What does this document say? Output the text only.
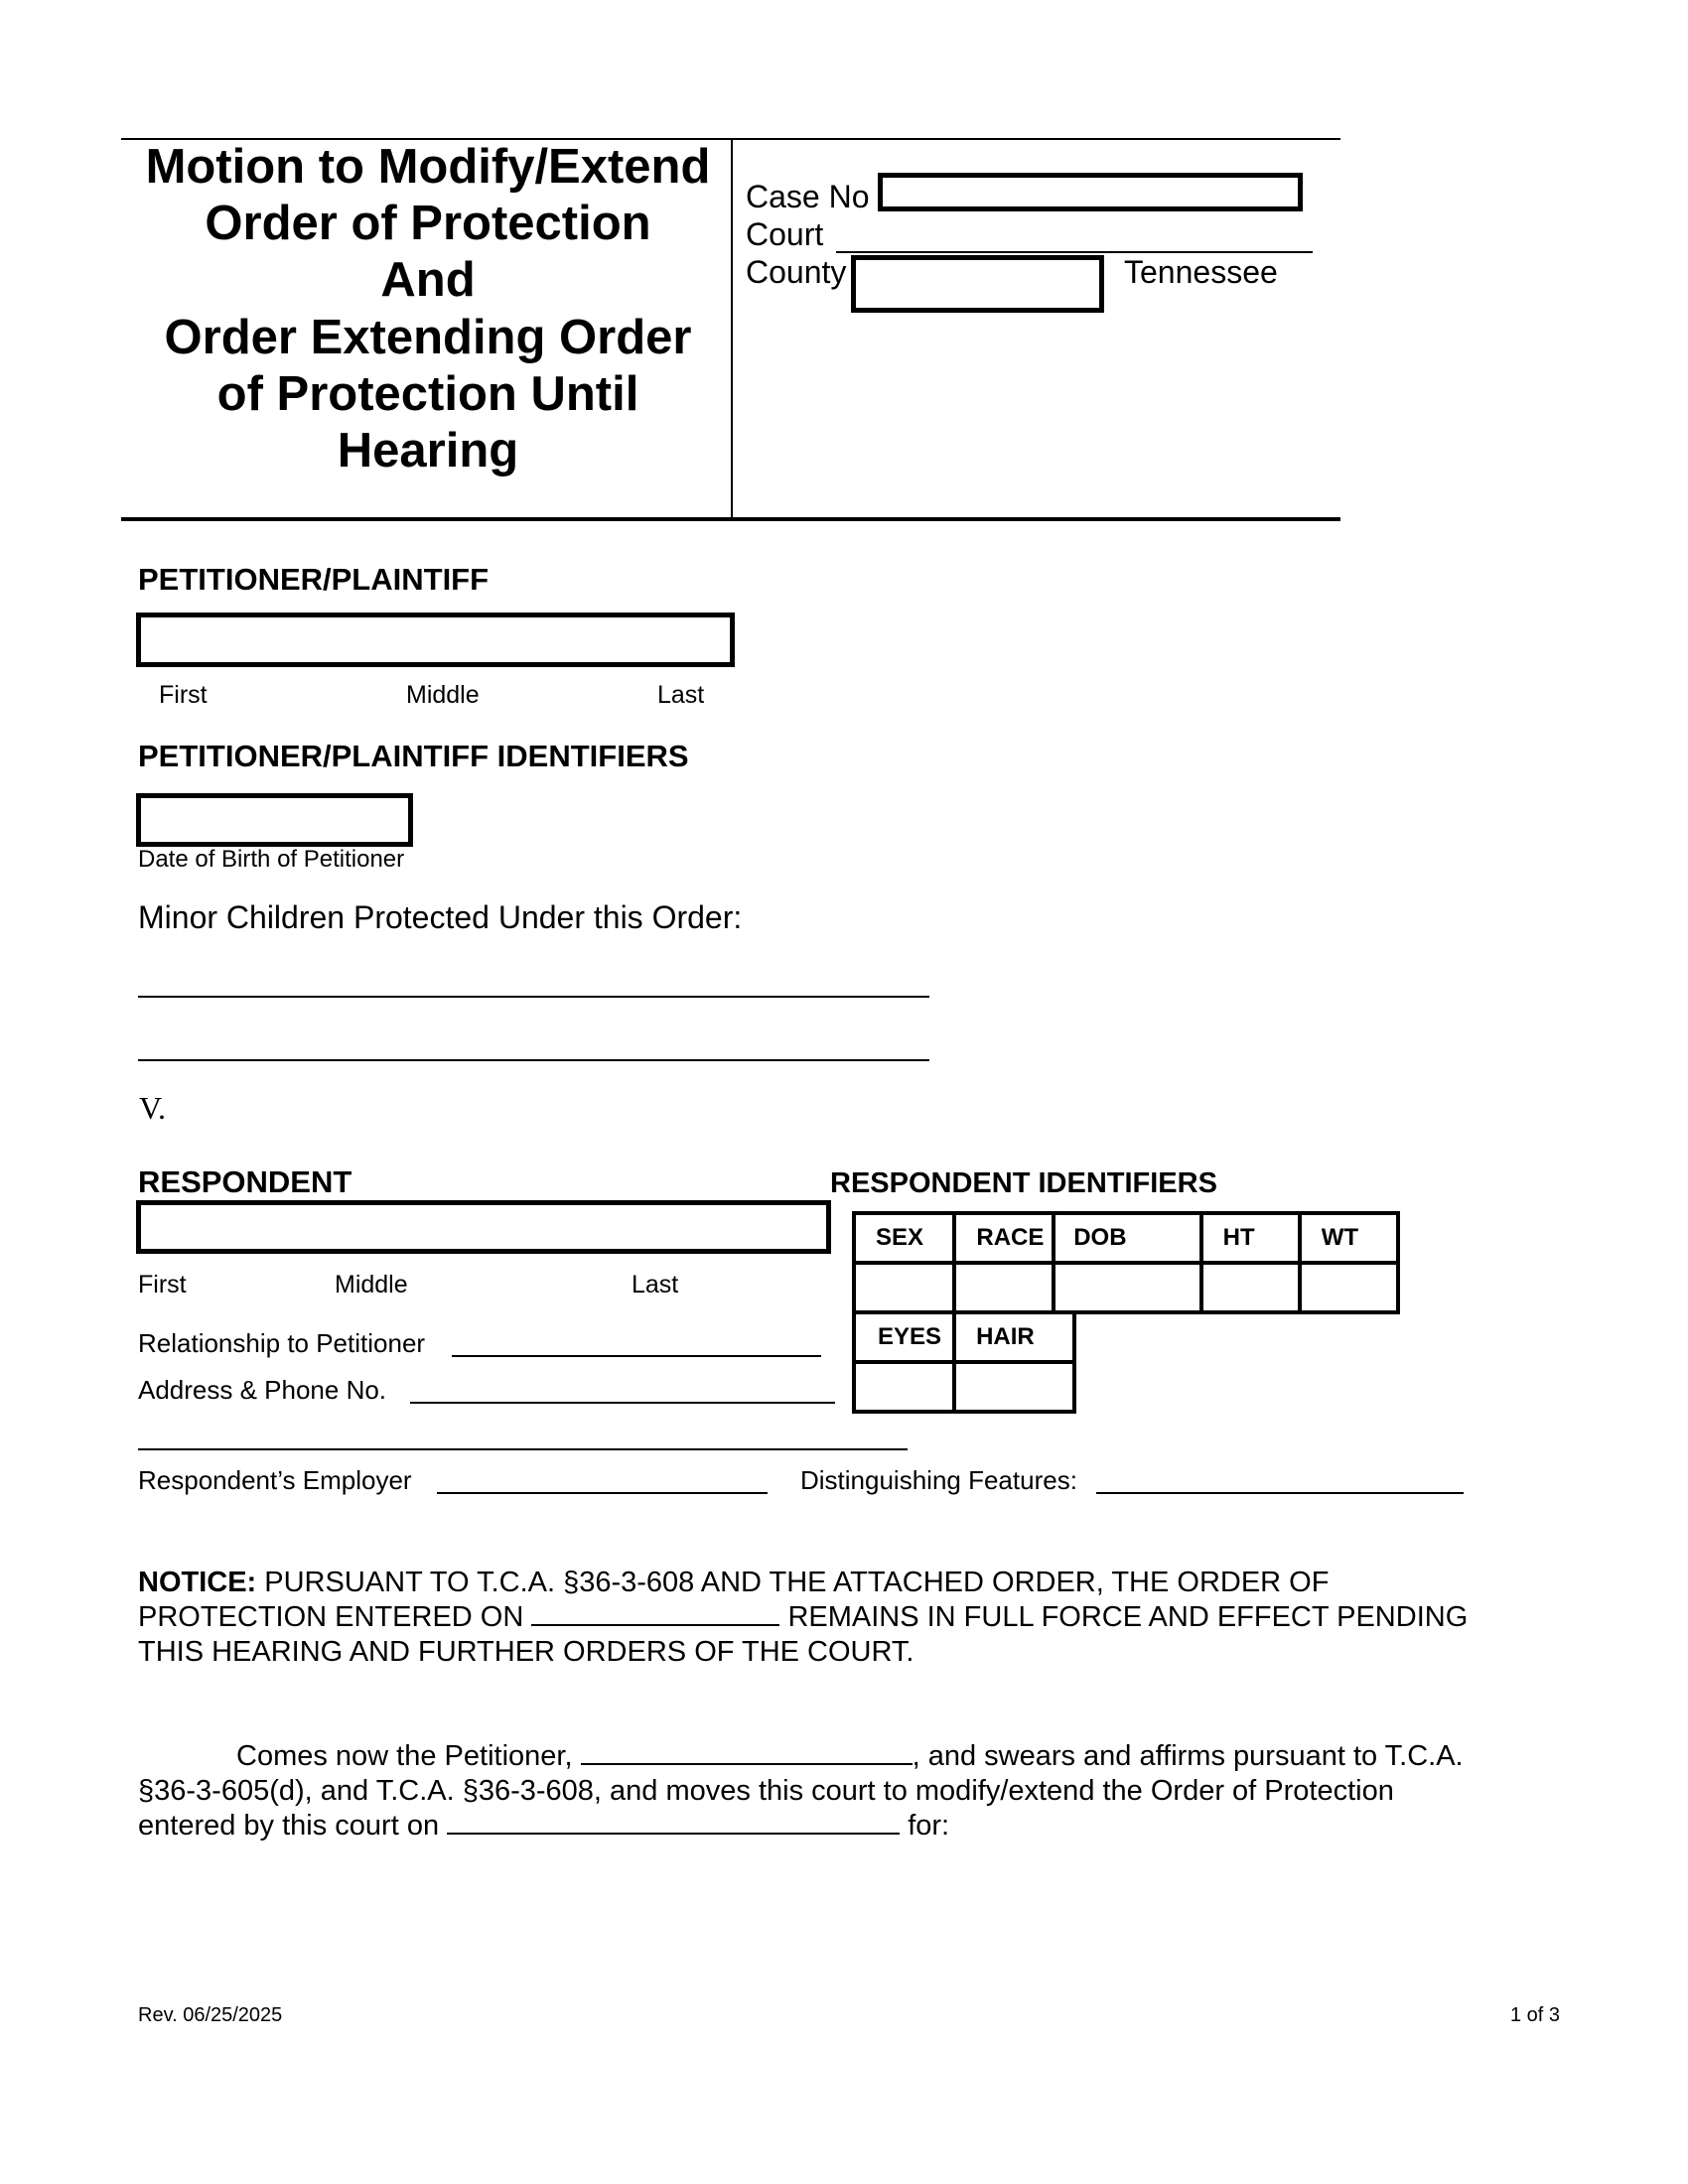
Motion to Modify/Extend
Order of Protection
And
Order Extending Order
of Protection Until
Hearing
Case No
Court
County	Tennessee
PETITIONER/PLAINTIFF
First	Middle	Last
PETITIONER/PLAINTIFF IDENTIFIERS
Date of Birth of Petitioner
Minor Children Protected Under this Order:
V.
RESPONDENT
First	Middle	Last
Relationship to Petitioner
Address & Phone No.
Respondent’s Employer	Distinguishing Features:
RESPONDENT IDENTIFIERS
SEX	RACE	DOB	HT	WT

EYES	HAIR

NOTICE: PURSUANT TO T.C.A. §36-3-608 AND THE ATTACHED ORDER, THE ORDER OF
PROTECTION ENTERED ON	REMAINS IN FULL FORCE AND EFFECT PENDING
THIS HEARING AND FURTHER ORDERS OF THE COURT.
Comes now the Petitioner,	, and swears and affirms pursuant to T.C.A.
§36-3-605(d), and T.C.A. §36-3-608, and moves this court to modify/extend the Order of Protection
entered by this court on	for:
Rev. 06/25/2025	1 of 3
